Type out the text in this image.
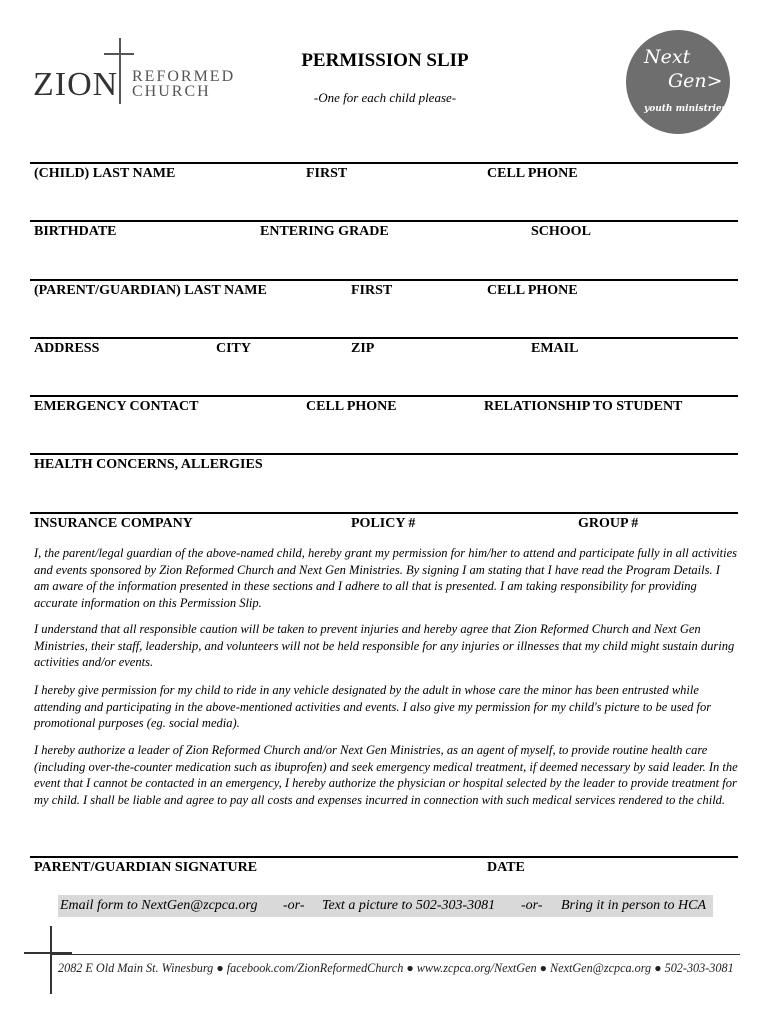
ZION REFORMED
CHURCH
PERMISSION SLIP
-One for each child please-
Next
Gen>
youth ministries
(CHILD) LAST NAME	FIRST	CELL PHONE
BIRTHDATE	ENTERING GRADE	SCHOOL
(PARENT/GUARDIAN) LAST NAME	FIRST	CELL PHONE
ADDRESS	CITY	ZIP	EMAIL
EMERGENCY CONTACT	CELL PHONE	RELATIONSHIP TO STUDENT
HEALTH CONCERNS, ALLERGIES
INSURANCE COMPANY	POLICY #	GROUP #
I, the parent/legal guardian of the above-named child, hereby grant my permission for him/her to attend and participate fully in all activities and events sponsored by Zion Reformed Church and Next Gen Ministries. By signing I am stating that I have read the Program Details. I am aware of the information presented in these sections and I adhere to all that is presented. I am taking responsibility for providing accurate information on this Permission Slip.
I understand that all responsible caution will be taken to prevent injuries and hereby agree that Zion Reformed Church and Next Gen Ministries, their staff, leadership, and volunteers will not be held responsible for any injuries or illnesses that my child might sustain during activities and/or events.
I hereby give permission for my child to ride in any vehicle designated by the adult in whose care the minor has been entrusted while attending and participating in the above-mentioned activities and events. I also give my permission for my child's picture to be used for promotional purposes (eg. social media).
I hereby authorize a leader of Zion Reformed Church and/or Next Gen Ministries, as an agent of myself, to provide routine health care (including over-the-counter medication such as ibuprofen) and seek emergency medical treatment, if deemed necessary by said leader. In the event that I cannot be contacted in an emergency, I hereby authorize the physician or hospital selected by the leader to provide treatment for my child. I shall be liable and agree to pay all costs and expenses incurred in connection with such medical services rendered to the child.
PARENT/GUARDIAN SIGNATURE	DATE
Email form to NextGen@zcpca.org -or- Text a picture to 502-303-3081 -or- Bring it in person to HCA
2082 E Old Main St. Winesburg ● facebook.com/ZionReformedChurch ● www.zcpca.org/NextGen ● NextGen@zcpca.org ● 502-303-3081
